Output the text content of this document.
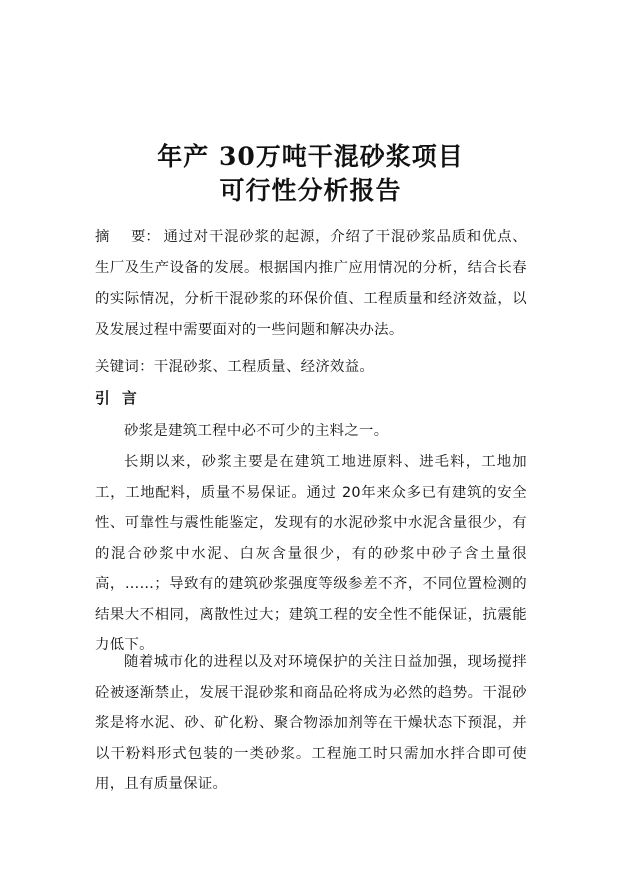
年产 30万吨干混砂浆项目
可行性分析报告

摘 要： 通过对干混砂浆的起源，介绍了干混砂浆品质和优点、生厂及生产设备的发展。根据国内推广应用情况的分析，结合长春的实际情况，分析干混砂浆的环保价值、工程质量和经济效益，以及发展过程中需要面对的一些问题和解决办法。

关键词：干混砂浆、工程质量、经济效益。

引 言

砂浆是建筑工程中必不可少的主料之一。

长期以来，砂浆主要是在建筑工地进原料、进毛料，工地加工，工地配料，质量不易保证。通过 20年来众多已有建筑的安全性、可靠性与震性能鉴定，发现有的水泥砂浆中水泥含量很少，有的混合砂浆中水泥、白灰含量很少，有的砂浆中砂子含土量很高，……；导致有的建筑砂浆强度等级参差不齐，不同位置检测的结果大不相同，离散性过大；建筑工程的安全性不能保证，抗震能力低下。

随着城市化的进程以及对环境保护的关注日益加强，现场搅拌砼被逐渐禁止，发展干混砂浆和商品砼将成为必然的趋势。干混砂浆是将水泥、砂、矿化粉、聚合物添加剂等在干燥状态下预混，并以干粉料形式包装的一类砂浆。工程施工时只需加水拌合即可使用，且有质量保证。
